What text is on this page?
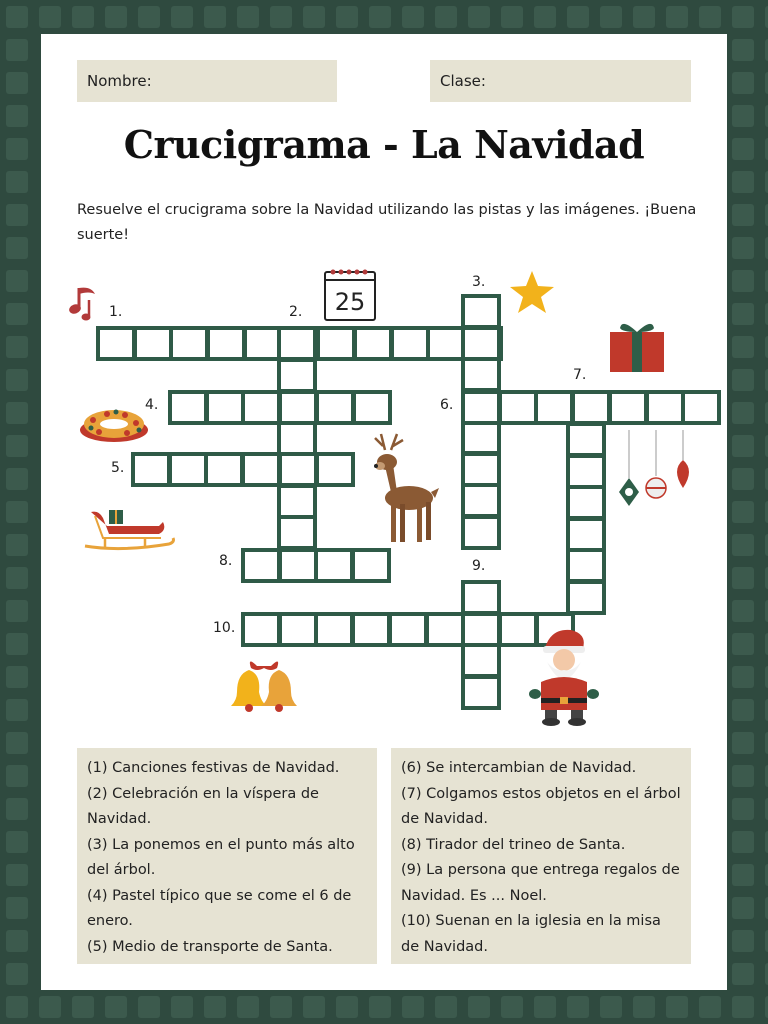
Nombre:	Clase:
Crucigrama - La Navidad
Resuelve el crucigrama sobre la Navidad utilizando las pistas y las imágenes. ¡Buena suerte!
1.	2.
3.
4.
5.
6.
7.
8.	9.
10.
25
(1) Canciones festivas de Navidad.
(2) Celebración en la víspera de Navidad.
(3) La ponemos en el punto más alto del árbol.
(4) Pastel típico que se come el 6 de enero.
(5) Medio de transporte de Santa.
(6) Se intercambian de Navidad.
(7) Colgamos estos objetos en el árbol de Navidad.
(8) Tirador del trineo de Santa.
(9) La persona que entrega regalos de Navidad. Es ... Noel.
(10) Suenan en la iglesia en la misa de Navidad.
